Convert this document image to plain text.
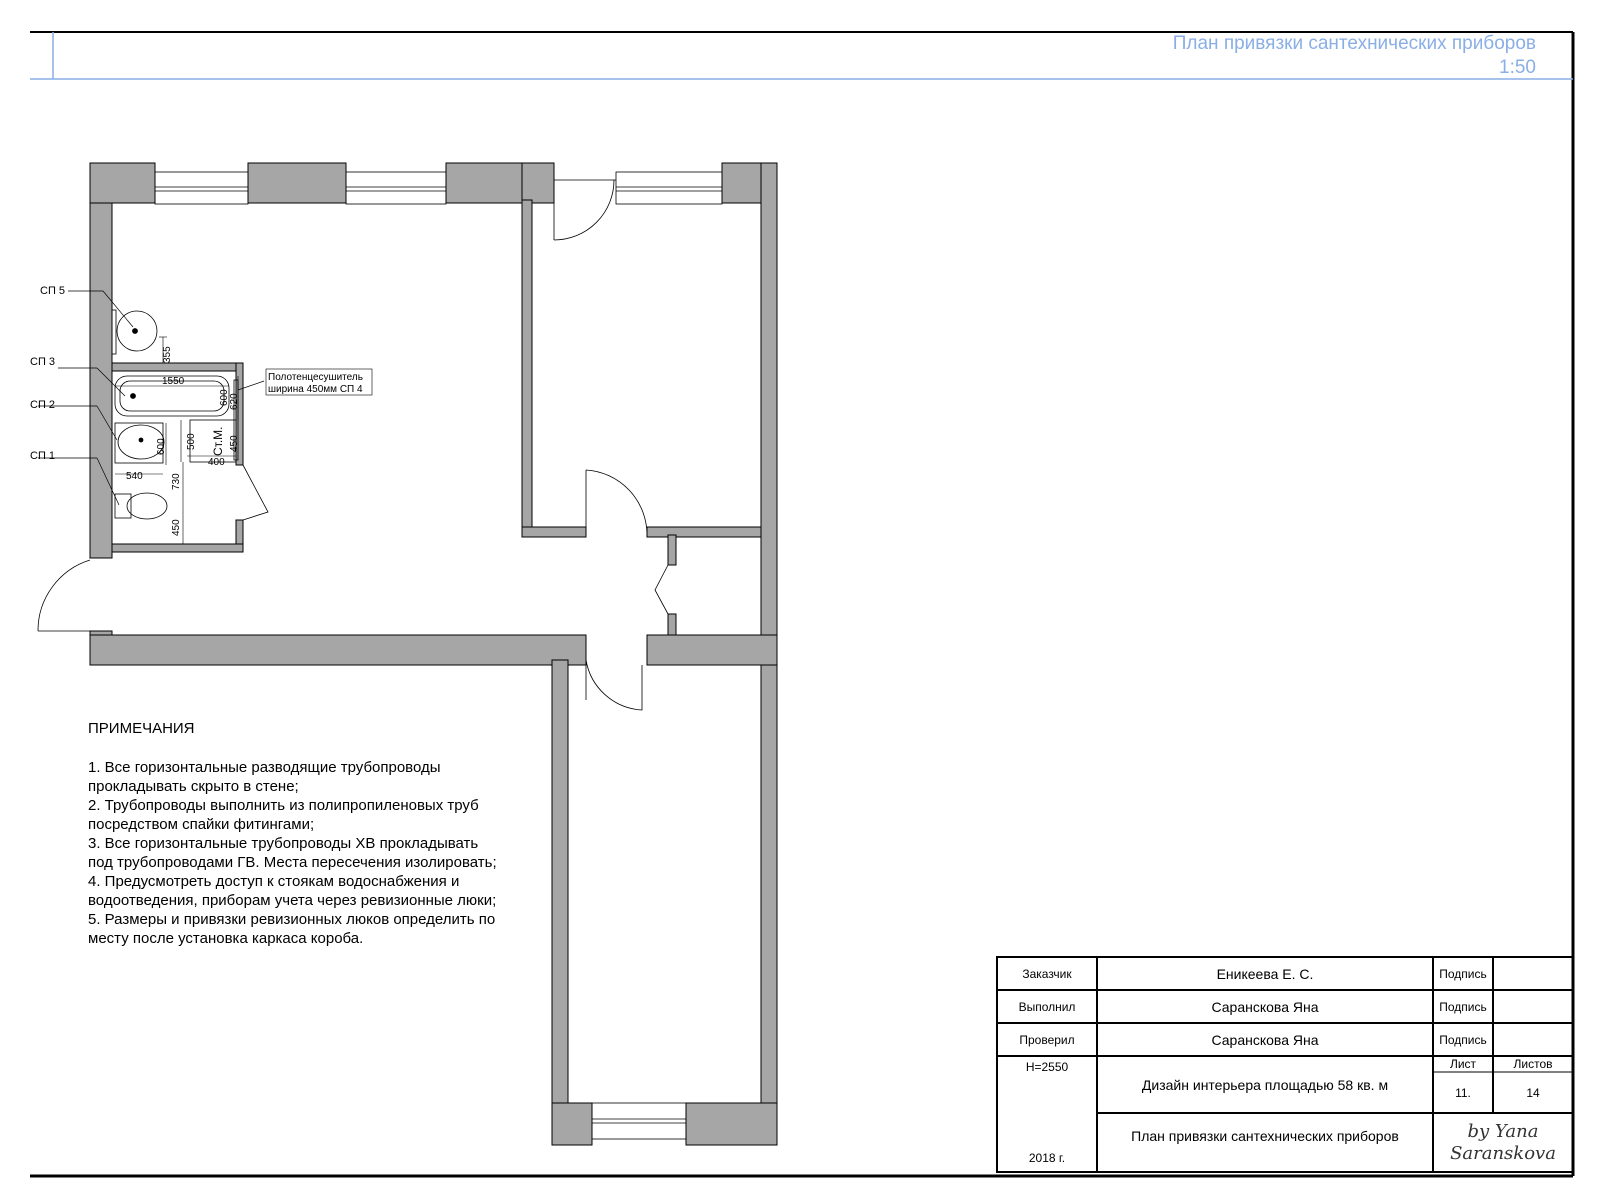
СП 5
СП 3
СП 2
СП 1
Полотенцесушитель
ширина 450мм СП 4
Ст.М.
355
1550
600 620
450
400
500
600
540	730
450
План привязки сантехнических приборов
1:50
ПРИМЕЧАНИЯ

1. Все горизонтальные разводящие трубопроводы

прокладывать скрыто в стене;

2. Трубопроводы выполнить из полипропиленовых труб

посредством спайки фитингами;

3. Все горизонтальные трубопроводы ХВ прокладывать

под трубопроводами ГВ. Места пересечения изолировать;

4. Предусмотреть доступ к стоякам водоснабжения и

водоотведения, приборам учета через ревизионные люки;

5. Размеры и привязки ревизионных люков определить по

месту после установка каркаса короба.

Заказчик	Еникеева Е. С.	Подпись
Выполнил	Саранскова Яна	Подпись
Проверил	Саранскова Яна	Подпись
Н=2550
Дизайн интерьера площадью 58 кв. м
Лист	Листов
11.	14
План привязки сантехнических приборов
2018 г.
by Yana
Saranskova
